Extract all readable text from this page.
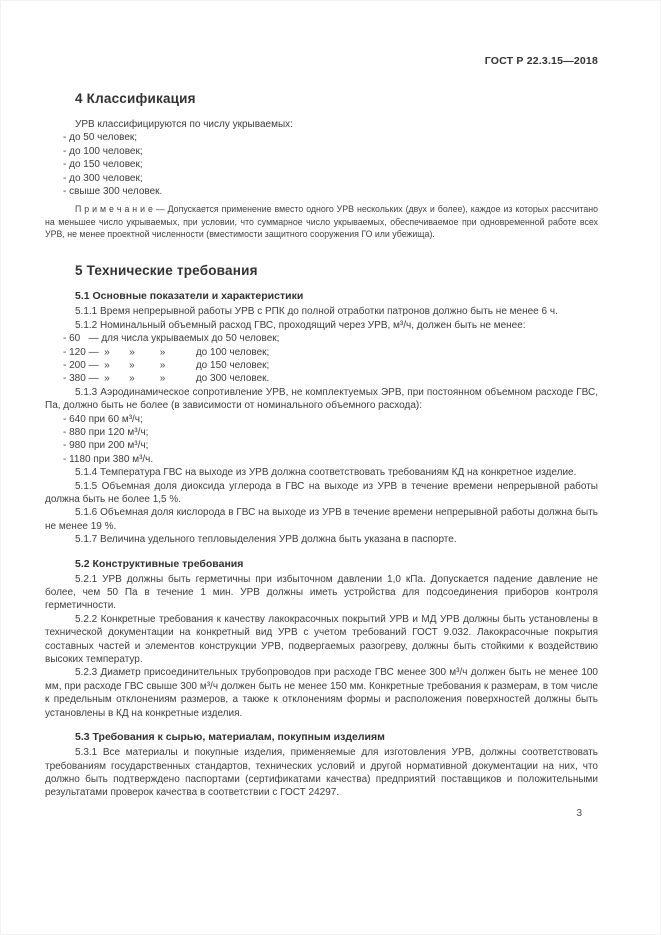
ГОСТ Р 22.3.15—2018
4 Классификация

УРВ классифицируются по числу укрываемых:

- до 50 человек;
- до 100 человек;
- до 150 человек;
- до 300 человек;
- свыше 300 человек.

П р и м е ч а н и е — Допускается применение вместо одного УРВ нескольких (двух и более), каждое из которых рассчитано на меньшее число укрываемых, при условии, что суммарное число укрываемых, обеспечиваемое при одновременной работе всех УРВ, не менее проектной численности (вместимости защитного сооружения ГО или убежища).

5 Технические требования
5.1 Основные показатели и характеристики

5.1.1 Время непрерывной работы УРВ с РПК до полной отработки патронов должно быть не менее 6 ч.

5.1.2 Номинальный объемный расход ГВС, проходящий через УРВ, м³/ч, должен быть не менее:

- 60   — для числа укрываемых до 50 человек;
- 120 —  »       »         »           до 100 человек;
- 200 —  »       »         »           до 150 человек;
- 380 —  »       »         »           до 300 человек.

5.1.3 Аэродинамическое сопротивление УРВ, не комплектуемых ЭРВ, при постоянном объемном расходе ГВС, Па, должно быть не более (в зависимости от номинального объемного расхода):

- 640 при 60 м³/ч;
- 880 при 120 м³/ч;
- 980 при 200 м³/ч;
- 1180 при 380 м³/ч.

5.1.4 Температура ГВС на выходе из УРВ должна соответствовать требованиям КД на конкретное изделие.

5.1.5 Объемная доля диоксида углерода в ГВС на выходе из УРВ в течение времени непрерывной работы должна быть не более 1,5 %.

5.1.6 Объемная доля кислорода в ГВС на выходе из УРВ в течение времени непрерывной работы должна быть не менее 19 %.

5.1.7 Величина удельного тепловыделения УРВ должна быть указана в паспорте.

5.2 Конструктивные требования

5.2.1 УРВ должны быть герметичны при избыточном давлении 1,0 кПа. Допускается падение давление не более, чем 50 Па в течение 1 мин. УРВ должны иметь устройства для подсоединения приборов контроля герметичности.

5.2.2 Конкретные требования к качеству лакокрасочных покрытий УРВ и МД УРВ должны быть установлены в технической документации на конкретный вид УРВ с учетом требований ГОСТ 9.032. Лакокрасочные покрытия составных частей и элементов конструкции УРВ, подвергаемых разогреву, должны быть стойкими к воздействию высоких температур.

5.2.3 Диаметр присоединительных трубопроводов при расходе ГВС менее 300 м³/ч должен быть не менее 100 мм, при расходе ГВС свыше 300 м³/ч должен быть не менее 150 мм. Конкретные требования к размерам, в том числе к предельным отклонениям размеров, а также к отклонениям формы и расположения поверхностей должны быть установлены в КД на конкретные изделия.

5.3 Требования к сырью, материалам, покупным изделиям

5.3.1 Все материалы и покупные изделия, применяемые для изготовления УРВ, должны соответствовать требованиям государственных стандартов, технических условий и другой нормативной документации на них, что должно быть подтверждено паспортами (сертификатами качества) предприятий поставщиков и положительными результатами проверок качества в соответствии с ГОСТ 24297.

3
